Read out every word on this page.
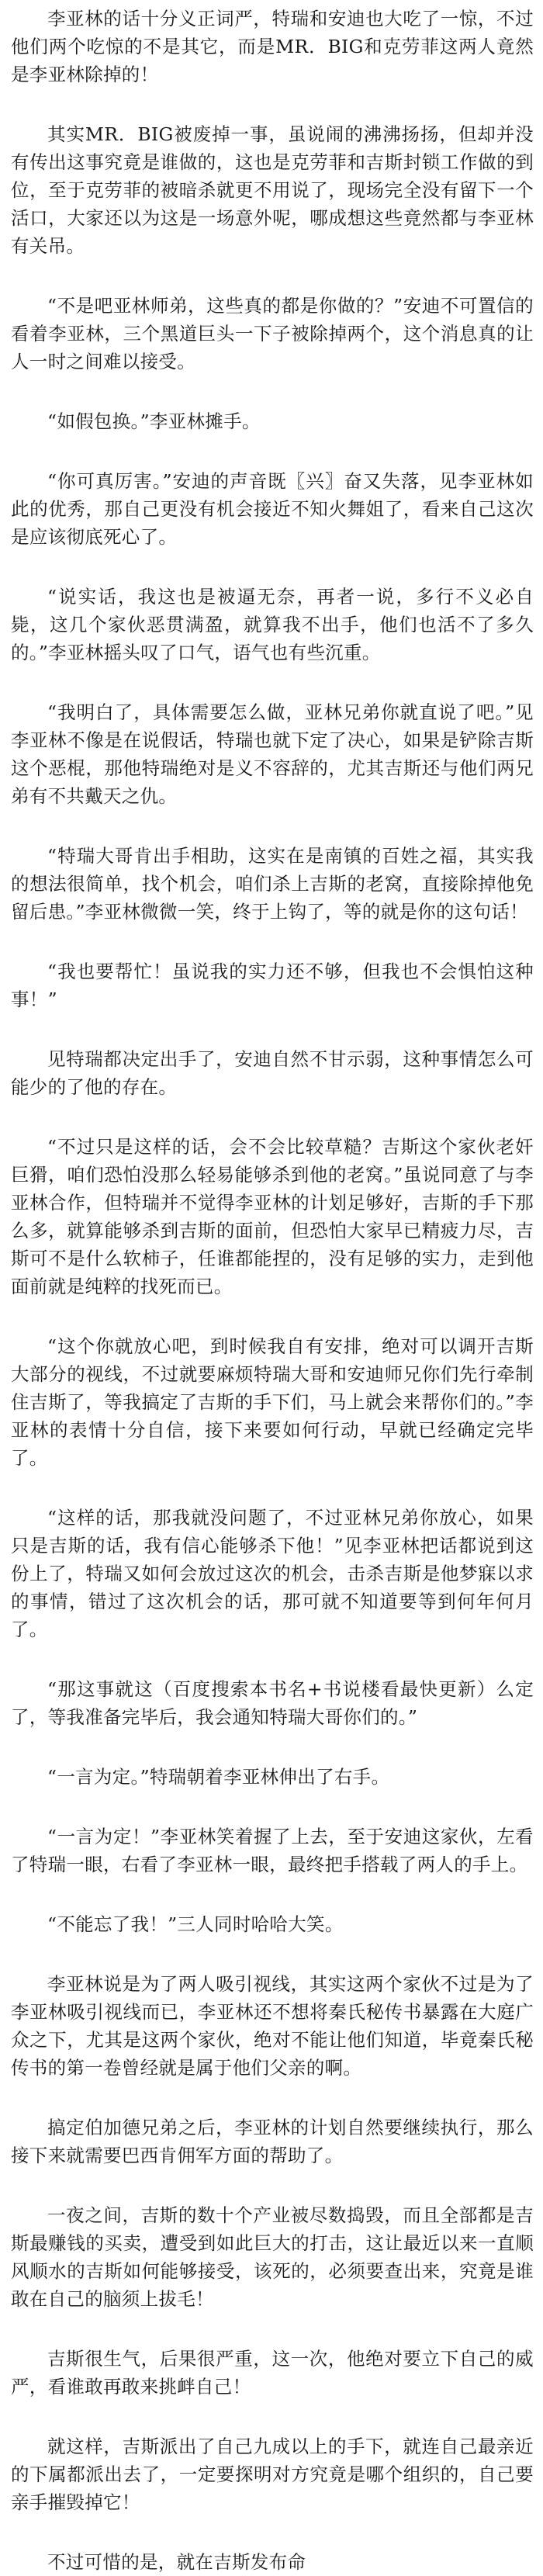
李亚林的话十分义正词严，特瑞和安迪也大吃了一惊，不过他们两个吃惊的不是其它，而是MR．BIG和克劳菲这两人竟然是李亚林除掉的！

其实MR．BIG被废掉一事，虽说闹的沸沸扬扬，但却并没有传出这事究竟是谁做的，这也是克劳菲和吉斯封锁工作做的到位，至于克劳菲的被暗杀就更不用说了，现场完全没有留下一个活口，大家还以为这是一场意外呢，哪成想这些竟然都与李亚林有关吊。

“不是吧亚林师弟，这些真的都是你做的？”安迪不可置信的看着李亚林，三个黑道巨头一下子被除掉两个，这个消息真的让人一时之间难以接受。

“如假包换。”李亚林摊手。

“你可真厉害。”安迪的声音既〖兴〗奋又失落，见李亚林如此的优秀，那自己更没有机会接近不知火舞姐了，看来自己这次是应该彻底死心了。

“说实话，我这也是被逼无奈，再者一说，多行不义必自毙，这几个家伙恶贯满盈，就算我不出手，他们也活不了多久的。”李亚林摇头叹了口气，语气也有些沉重。

“我明白了，具体需要怎么做，亚林兄弟你就直说了吧。”见李亚林不像是在说假话，特瑞也就下定了决心，如果是铲除吉斯这个恶棍，那他特瑞绝对是义不容辞的，尤其吉斯还与他们两兄弟有不共戴天之仇。

“特瑞大哥肯出手相助，这实在是南镇的百姓之福，其实我的想法很简单，找个机会，咱们杀上吉斯的老窝，直接除掉他免留后患。”李亚林微微一笑，终于上钩了，等的就是你的这句话！

“我也要帮忙！虽说我的实力还不够，但我也不会惧怕这种事！”

见特瑞都决定出手了，安迪自然不甘示弱，这种事情怎么可能少的了他的存在。

“不过只是这样的话，会不会比较草糙？吉斯这个家伙老奸巨猾，咱们恐怕没那么轻易能够杀到他的老窝。”虽说同意了与李亚林合作，但特瑞并不觉得李亚林的计划足够好，吉斯的手下那么多，就算能够杀到吉斯的面前，但恐怕大家早已精疲力尽，吉斯可不是什么软柿子，任谁都能捏的，没有足够的实力，走到他面前就是纯粹的找死而已。

“这个你就放心吧，到时候我自有安排，绝对可以调开吉斯大部分的视线，不过就要麻烦特瑞大哥和安迪师兄你们先行牵制住吉斯了，等我搞定了吉斯的手下们，马上就会来帮你们的。”李亚林的表情十分自信，接下来要如何行动，早就已经确定完毕了。

“这样的话，那我就没问题了，不过亚林兄弟你放心，如果只是吉斯的话，我有信心能够杀下他！”见李亚林把话都说到这份上了，特瑞又如何会放过这次的机会，击杀吉斯是他梦寐以求的事情，错过了这次机会的话，那可就不知道要等到何年何月了。

“那这事就这（百度搜索本书名+书说楼看最快更新）么定了，等我准备完毕后，我会通知特瑞大哥你们的。”

“一言为定。”特瑞朝着李亚林伸出了右手。

“一言为定！”李亚林笑着握了上去，至于安迪这家伙，左看了特瑞一眼，右看了李亚林一眼，最终把手搭载了两人的手上。

“不能忘了我！”三人同时哈哈大笑。

李亚林说是为了两人吸引视线，其实这两个家伙不过是为了李亚林吸引视线而已，李亚林还不想将秦氏秘传书暴露在大庭广众之下，尤其是这两个家伙，绝对不能让他们知道，毕竟秦氏秘传书的第一卷曾经就是属于他们父亲的啊。

搞定伯加德兄弟之后，李亚林的计划自然要继续执行，那么接下来就需要巴西肯佣军方面的帮助了。

一夜之间，吉斯的数十个产业被尽数捣毁，而且全部都是吉斯最赚钱的买卖，遭受到如此巨大的打击，这让最近以来一直顺风顺水的吉斯如何能够接受，该死的，必须要查出来，究竟是谁敢在自己的脑须上拔毛！

吉斯很生气，后果很严重，这一次，他绝对要立下自己的威严，看谁敢再敢来挑衅自己！

就这样，吉斯派出了自己九成以上的手下，就连自己最亲近的下属都派出去了，一定要探明对方究竟是哪个组织的，自己要亲手摧毁掉它！

不过可惜的是，就在吉斯发布命
